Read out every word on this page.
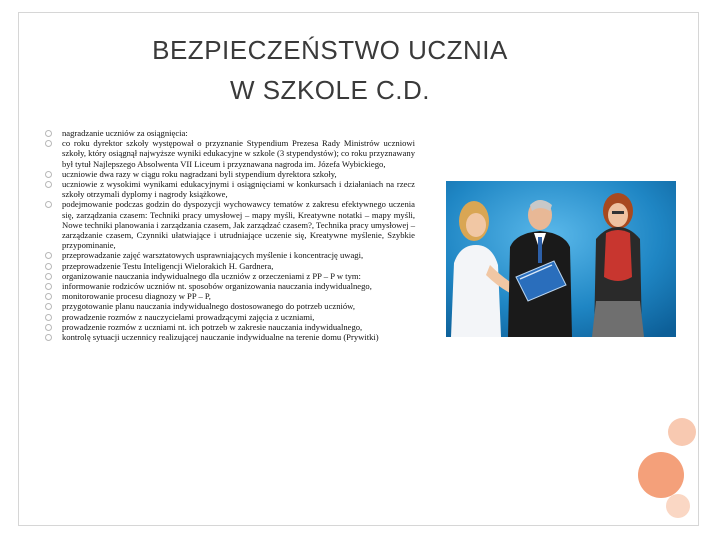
BEZPIECZEŃSTWO UCZNIA
W SZKOLE C.D.
nagradzanie uczniów za osiągnięcia:
co roku dyrektor szkoły występował o przyznanie Stypendium Prezesa Rady Ministrów uczniowi szkoły, który osiągnął najwyższe wyniki edukacyjne w szkole (3 stypendystów); co roku przyznawany był tytuł Najlepszego Absolwenta VII Liceum i przyznawana nagroda im. Józefa Wybickiego,
uczniowie dwa razy w ciągu roku nagradzani byli stypendium dyrektora szkoły,
uczniowie z wysokimi wynikami edukacyjnymi i osiągnięciami w konkursach i działaniach na rzecz szkoły otrzymali dyplomy i nagrody książkowe,
podejmowanie podczas godzin do dyspozycji wychowawcy tematów z zakresu efektywnego uczenia się, zarządzania czasem: Techniki pracy umysłowej – mapy myśli, Kreatywne notatki – mapy myśli, Nowe techniki planowania i zarządzania czasem, Jak zarządzać czasem?, Technika pracy umysłowej – zarządzanie czasem, Czynniki ułatwiające i utrudniające uczenie się, Kreatywne myślenie, Szybkie przypominanie,
przeprowadzanie zajęć warsztatowych usprawniających myślenie i koncentrację uwagi,
przeprowadzenie Testu Inteligencji Wielorakich H. Gardnera,
organizowanie nauczania indywidualnego dla uczniów z orzeczeniami z PP – P w tym:
informowanie rodziców uczniów nt. sposobów organizowania nauczania indywidualnego,
monitorowanie procesu diagnozy w PP – P,
przygotowanie planu nauczania indywidualnego dostosowanego do potrzeb uczniów,
prowadzenie rozmów z nauczycielami prowadzącymi zajęcia z uczniami,
prowadzenie rozmów z uczniami nt. ich potrzeb w zakresie nauczania indywidualnego,
kontrolę sytuacji uczennicy realizującej nauczanie indywidualne na terenie domu (Prywitki)
